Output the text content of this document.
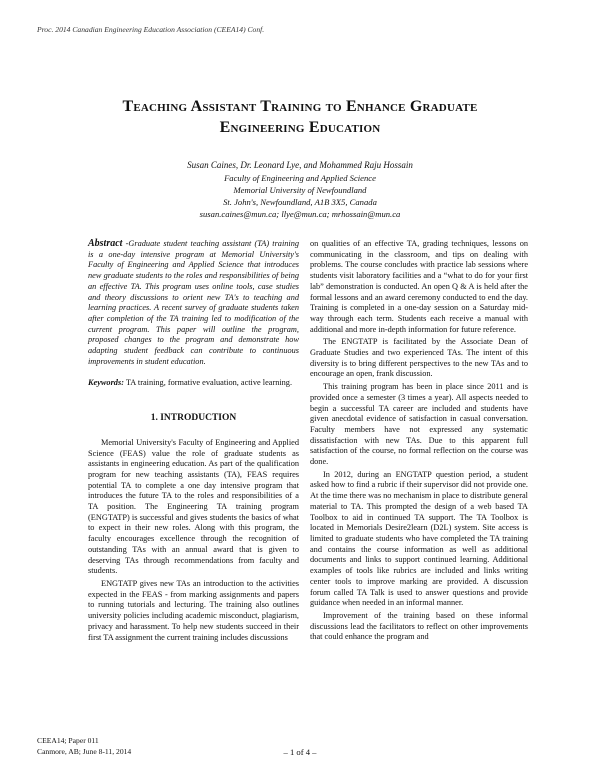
Proc. 2014 Canadian Engineering Education Association (CEEA14) Conf.
Teaching Assistant Training to Enhance Graduate
Engineering Education
Susan Caines, Dr. Leonard Lye, and Mohammed Raju Hossain
Faculty of Engineering and Applied Science
Memorial University of Newfoundland
St. John's, Newfoundland, A1B 3X5, Canada
susan.caines@mun.ca; llye@mun.ca; mrhossain@mun.ca

Abstract -Graduate student teaching assistant (TA) training is a one-day intensive program at Memorial University's Faculty of Engineering and Applied Science that introduces new graduate students to the roles and responsibilities of being an effective TA. This program uses online tools, case studies and theory discussions to orient new TA's to teaching and learning practices. A recent survey of graduate students taken after completion of the TA training led to modification of the current program. This paper will outline the program, proposed changes to the program and demonstrate how adapting student feedback can contribute to continuous improvements in student education.

Keywords: TA training, formative evaluation, active learning.

1. INTRODUCTION

Memorial University's Faculty of Engineering and Applied Science (FEAS) value the role of graduate students as assistants in engineering education. As part of the qualification program for new teaching assistants (TA), FEAS requires potential TA to complete a one day intensive program that introduces the future TA to the roles and responsibilities of a TA position. The Engineering TA training program (ENGTATP) is successful and gives students the basics of what to expect in their new roles. Along with this program, the faculty encourages excellence through the recognition of outstanding TAs with an annual award that is given to deserving TAs through recommendations from faculty and students.

ENGTATP gives new TAs an introduction to the activities expected in the FEAS - from marking assignments and papers to running tutorials and lecturing. The training also outlines university policies including academic misconduct, plagiarism, privacy and harassment. To help new students succeed in their first TA assignment the current training includes discussions

on qualities of an effective TA, grading techniques, lessons on communicating in the classroom, and tips on dealing with problems. The course concludes with practice lab sessions where students visit laboratory facilities and a “what to do for your first lab” demonstration is conducted. An open Q & A is held after the formal lessons and an award ceremony conducted to end the day. Training is completed in a one-day session on a Saturday mid-way through each term. Students each receive a manual with additional and more in-depth information for future reference.

The ENGTATP is facilitated by the Associate Dean of Graduate Studies and two experienced TAs. The intent of this diversity is to bring different perspectives to the new TAs and to encourage an open, frank discussion.

This training program has been in place since 2011 and is provided once a semester (3 times a year). All aspects needed to begin a successful TA career are included and students have given anecdotal evidence of satisfaction in casual conversation. Faculty members have not expressed any systematic dissatisfaction with new TAs. Due to this apparent full satisfaction of the course, no formal reflection on the course was done.

In 2012, during an ENGTATP question period, a student asked how to find a rubric if their supervisor did not provide one. At the time there was no mechanism in place to distribute general material to TA. This prompted the design of a web based TA Toolbox to aid in continued TA support. The TA Toolbox is located in Memorials Desire2learn (D2L) system. Site access is limited to graduate students who have completed the TA training and contains the course information as well as additional documents and links to support continued learning. Additional examples of tools like rubrics are included and links writing center tools to improve marking are provided. A discussion forum called TA Talk is used to answer questions and provide guidance when needed in an informal manner.

Improvement of the training based on these informal discussions lead the facilitators to reflect on other improvements that could enhance the program and

CEEA14; Paper 011
Canmore, AB; June 8-11, 2014	– 1 of 4 –
